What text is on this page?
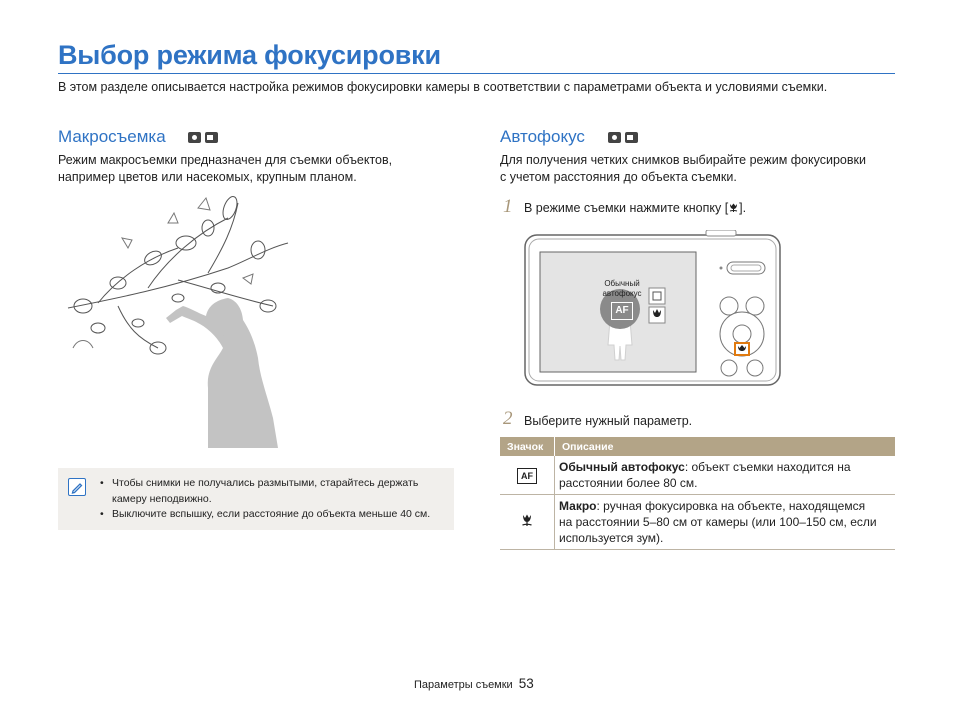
Выбор режима фокусировки
В этом разделе описывается настройка режимов фокусировки камеры в соответствии с параметрами объекта и условиями съемки.
Макросъемка
Режим макросъемки предназначен для съемки объектов,
например цветов или насекомых, крупным планом.
• Чтобы снимки не получались размытыми, старайтесь держать
камеру неподвижно.
• Выключите вспышку, если расстояние до объекта меньше 40 см.
Автофокус
Для получения четких снимков выбирайте режим фокусировки
с учетом расстояния до объекта съемки.
1 В режиме съемки нажмите кнопку [ ].
Обычный
автофокус
AF
2 Выберите нужный параметр.
Значок	Описание
AF	Обычный автофокус: объект съемки находится на
расстоянии более 80 см.
	Макро: ручная фокусировка на объекте, находящемся
на расстоянии 5–80 см от камеры (или 100–150 см, если
используется зум).
Параметры съемки 53
